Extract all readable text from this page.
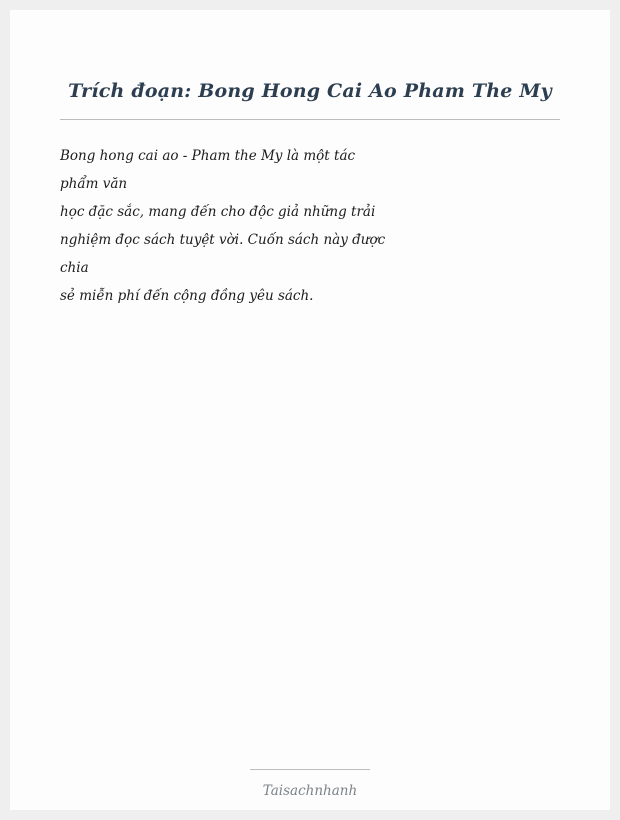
Trích đoạn: Bong Hong Cai Ao Pham The My
Bong hong cai ao - Pham the My là một tác
phẩm văn
học đặc sắc, mang đến cho độc giả những trải
nghiệm đọc sách tuyệt vời. Cuốn sách này được
chia
sẻ miễn phí đến cộng đồng yêu sách.
Taisachnhanh
